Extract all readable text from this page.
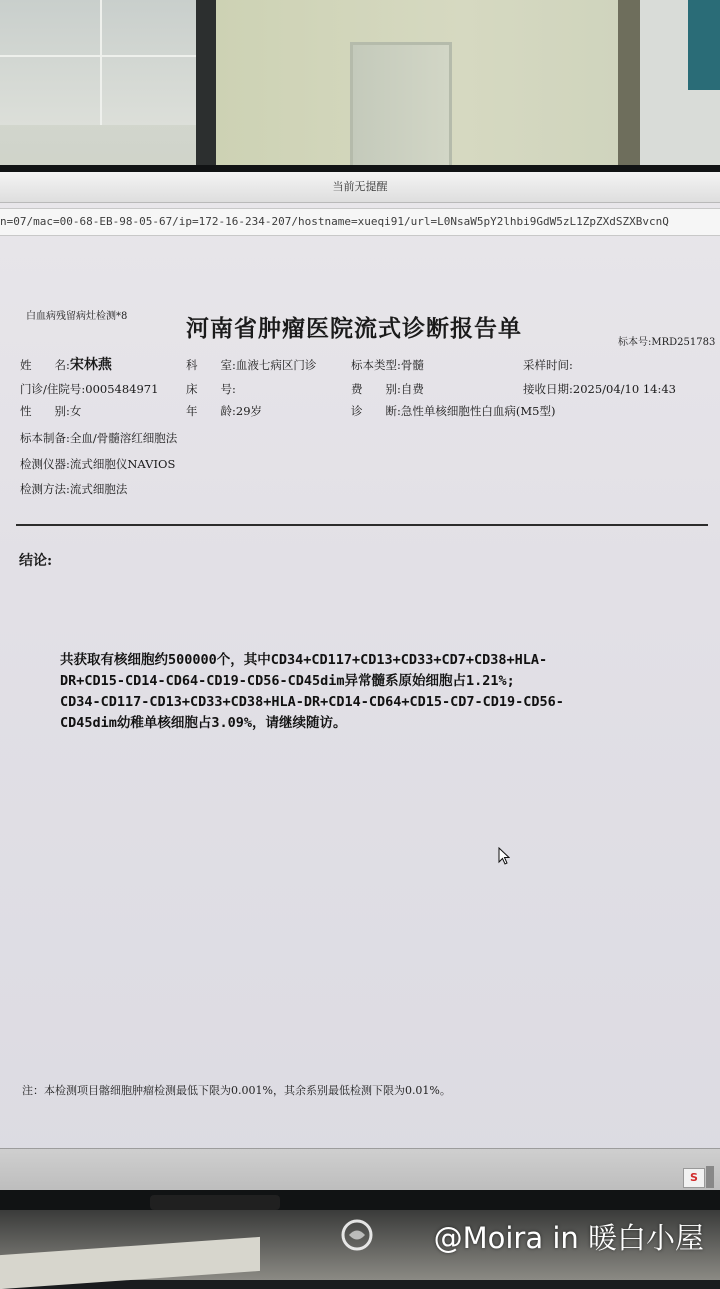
当前无提醒
n=07/mac=00-68-EB-98-05-67/ip=172-16-234-207/hostname=xueqi91/url=L0NsaW5pY2lhbi9GdW5zL1ZpZXdSZXBvcnQ
白血病残留病灶检测*8	河南省肿瘤医院流式诊断报告单
标本号:MRD251783
姓　　名:宋林燕	科　　室:血液七病区门诊	标本类型:骨髓	采样时间:
门诊/住院号:0005484971 床　　号:	费　　别:自费	接收日期:2025/04/10 14:43
性　　别:女	年　　龄:29岁	诊　　断:急性单核细胞性白血病(M5型)
标本制备:全血/骨髓溶红细胞法
检测仪器:流式细胞仪NAVIOS
检测方法:流式细胞法
结论:
共获取有核细胞约500000个，其中CD34+CD117+CD13+CD33+CD7+CD38+HLA-
DR+CD15-CD14-CD64-CD19-CD56-CD45dim异常髓系原始细胞占1.21%;
CD34-CD117-CD13+CD33+CD38+HLA-DR+CD14-CD64+CD15-CD7-CD19-CD56-
CD45dim幼稚单核细胞占3.09%，请继续随访。
注：本检测项目髂细胞肿瘤检测最低下限为0.001%，其余系别最低检测下限为0.01%。
S
@Moira in 暖白小屋
